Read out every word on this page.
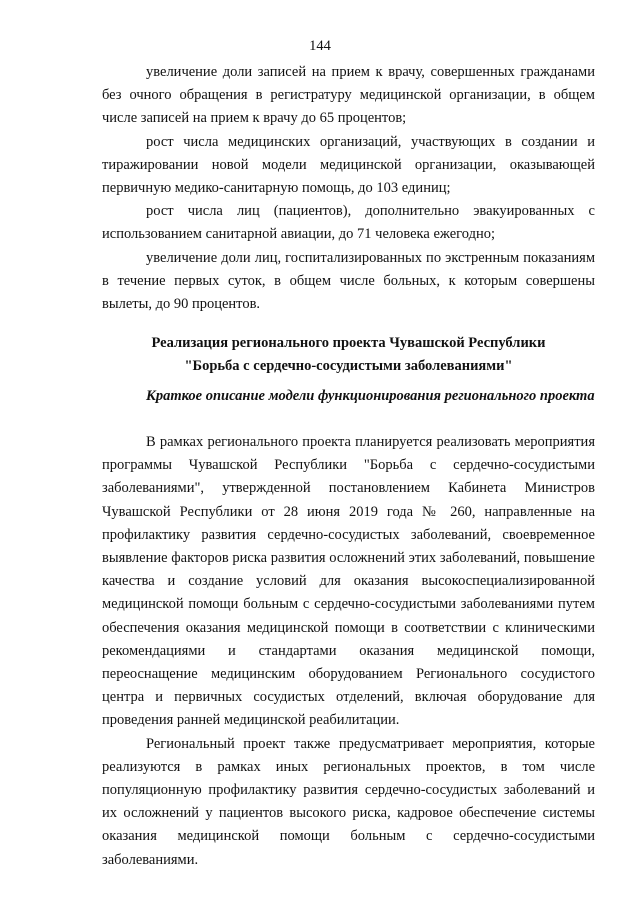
144

увеличение доли записей на прием к врачу, совершенных гражданами без очного обращения в регистратуру медицинской организации, в общем числе записей на прием к врачу до 65 процентов;

рост числа медицинских организаций, участвующих в создании и тиражировании новой модели медицинской организации, оказывающей первичную медико-санитарную помощь, до 103 единиц;

рост числа лиц (пациентов), дополнительно эвакуированных с использованием санитарной авиации, до 71 человека ежегодно;

увеличение доли лиц, госпитализированных по экстренным показаниям в течение первых суток, в общем числе больных, к которым совершены вылеты, до 90 процентов.

Реализация регионального проекта Чувашской Республики
"Борьба с сердечно-сосудистыми заболеваниями"

Краткое описание модели функционирования регионального проекта

В рамках регионального проекта планируется реализовать мероприятия программы Чувашской Республики "Борьба с сердечно-сосудистыми заболеваниями", утвержденной постановлением Кабинета Министров Чувашской Республики от 28 июня 2019 года № 260, направленные на профилактику развития сердечно-сосудистых заболеваний, своевременное выявление факторов риска развития осложнений этих заболеваний, повышение качества и создание условий для оказания высокоспециализированной медицинской помощи больным с сердечно-сосудистыми заболеваниями путем обеспечения оказания медицинской помощи в соответствии с клиническими рекомендациями и стандартами оказания медицинской помощи, переоснащение медицинским оборудованием Регионального сосудистого центра и первичных сосудистых отделений, включая оборудование для проведения ранней медицинской реабилитации.

Региональный проект также предусматривает мероприятия, которые реализуются в рамках иных региональных проектов, в том числе популяционную профилактику развития сердечно-сосудистых заболеваний и их осложнений у пациентов высокого риска, кадровое обеспечение системы оказания медицинской помощи больным с сердечно-сосудистыми заболеваниями.
